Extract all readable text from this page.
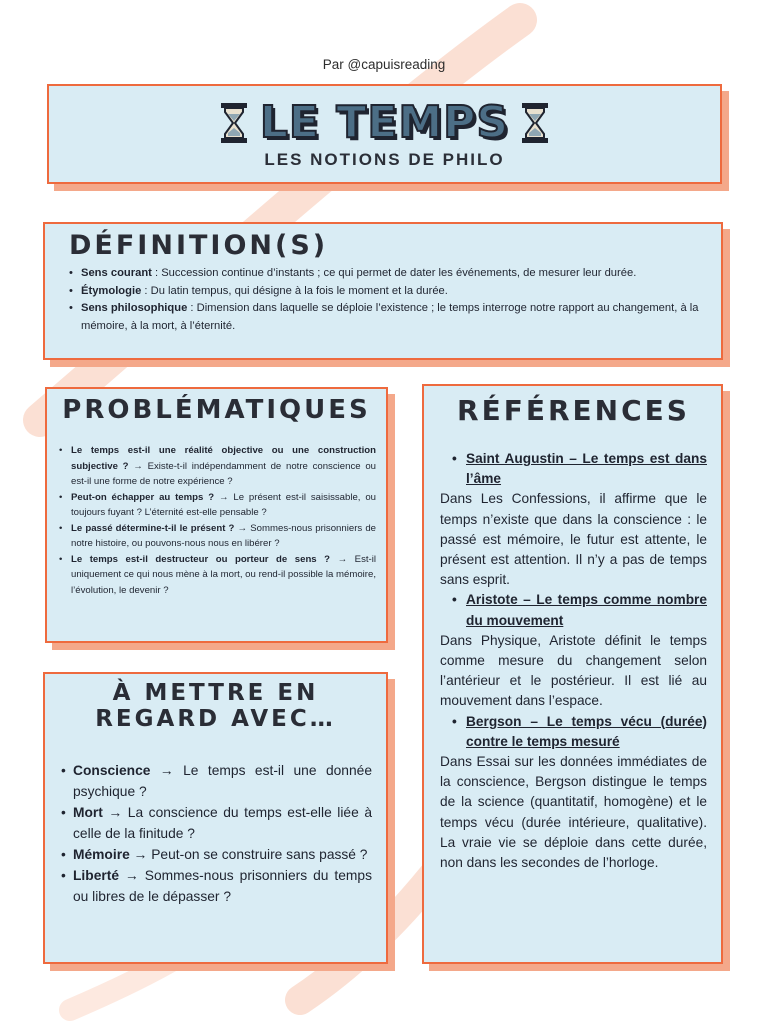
Par @capuisreading
LE TEMPS
LES NOTIONS DE PHILO
DÉFINITION(S)
• Sens courant : Succession continue d’instants ; ce qui permet de dater les événements, de mesurer leur durée.
• Étymologie : Du latin tempus, qui désigne à la fois le moment et la durée.
• Sens philosophique : Dimension dans laquelle se déploie l’existence ; le temps interroge notre rapport au changement, à la mémoire, à la mort, à l’éternité.
PROBLÉMATIQUES
• Le temps est-il une réalité objective ou une construction subjective ? → Existe-t-il indépendamment de notre conscience ou est-il une forme de notre expérience ?
• Peut-on échapper au temps ? → Le présent est-il saisissable, ou toujours fuyant ? L’éternité est-elle pensable ?
• Le passé détermine-t-il le présent ? → Sommes-nous prisonniers de notre histoire, ou pouvons-nous nous en libérer ?
• Le temps est-il destructeur ou porteur de sens ? → Est-il uniquement ce qui nous mène à la mort, ou rend-il possible la mémoire, l’évolution, le devenir ?
À METTRE EN REGARD AVEC…
• Conscience → Le temps est-il une donnée psychique ?
• Mort → La conscience du temps est-elle liée à celle de la finitude ?
• Mémoire → Peut-on se construire sans passé ?
• Liberté → Sommes-nous prisonniers du temps ou libres de le dépasser ?
RÉFÉRENCES
• Saint Augustin – Le temps est dans l’âme
Dans Les Confessions, il affirme que le temps n’existe que dans la conscience : le passé est mémoire, le futur est attente, le présent est attention. Il n’y a pas de temps sans esprit.
• Aristote – Le temps comme nombre du mouvement
Dans Physique, Aristote définit le temps comme mesure du changement selon l’antérieur et le postérieur. Il est lié au mouvement dans l’espace.
• Bergson – Le temps vécu (durée) contre le temps mesuré
Dans Essai sur les données immédiates de la conscience, Bergson distingue le temps de la science (quantitatif, homogène) et le temps vécu (durée intérieure, qualitative). La vraie vie se déploie dans cette durée, non dans les secondes de l’horloge.
